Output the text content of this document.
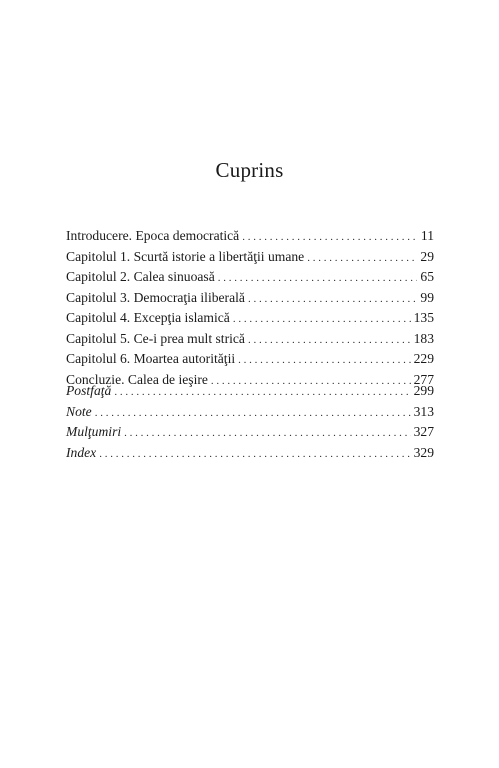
Cuprins
Introducere. Epoca democratică . . .	11
Capitolul 1. Scurtă istorie a libertăţii umane . . .	29
Capitolul 2. Calea sinuoasă . . .	65
Capitolul 3. Democraţia iliberală . . .	99
Capitolul 4. Excepţia islamică . . .	135
Capitolul 5. Ce-i prea mult strică . . .	183
Capitolul 6. Moartea autorităţii . . .	229
Concluzie. Calea de ieşire . . .	277
Postfaţă . . .	299
Note . . .	313
Mulţumiri . . .	327
Index . . .	329
